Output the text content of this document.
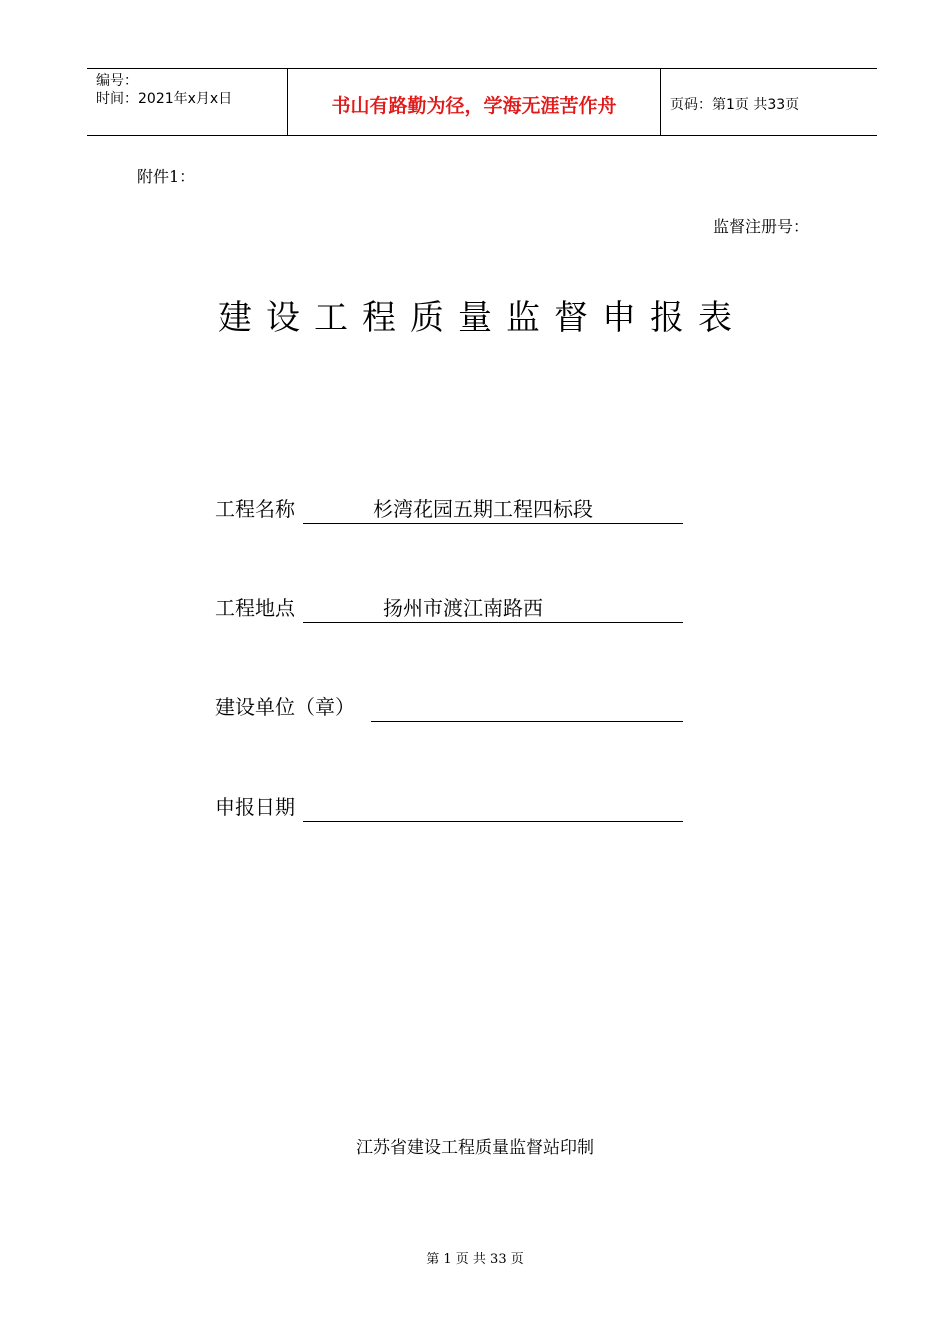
编号：
时间：2021年x月x日	书山有路勤为径，学海无涯苦作舟	页码：第1页 共33页
附件1：
监督注册号：
建设工程质量监督申报表
工程名称	杉湾花园五期工程四标段
工程地点	扬州市渡江南路西
建设单位（章）
申报日期
江苏省建设工程质量监督站印制
第 1 页 共 33 页
